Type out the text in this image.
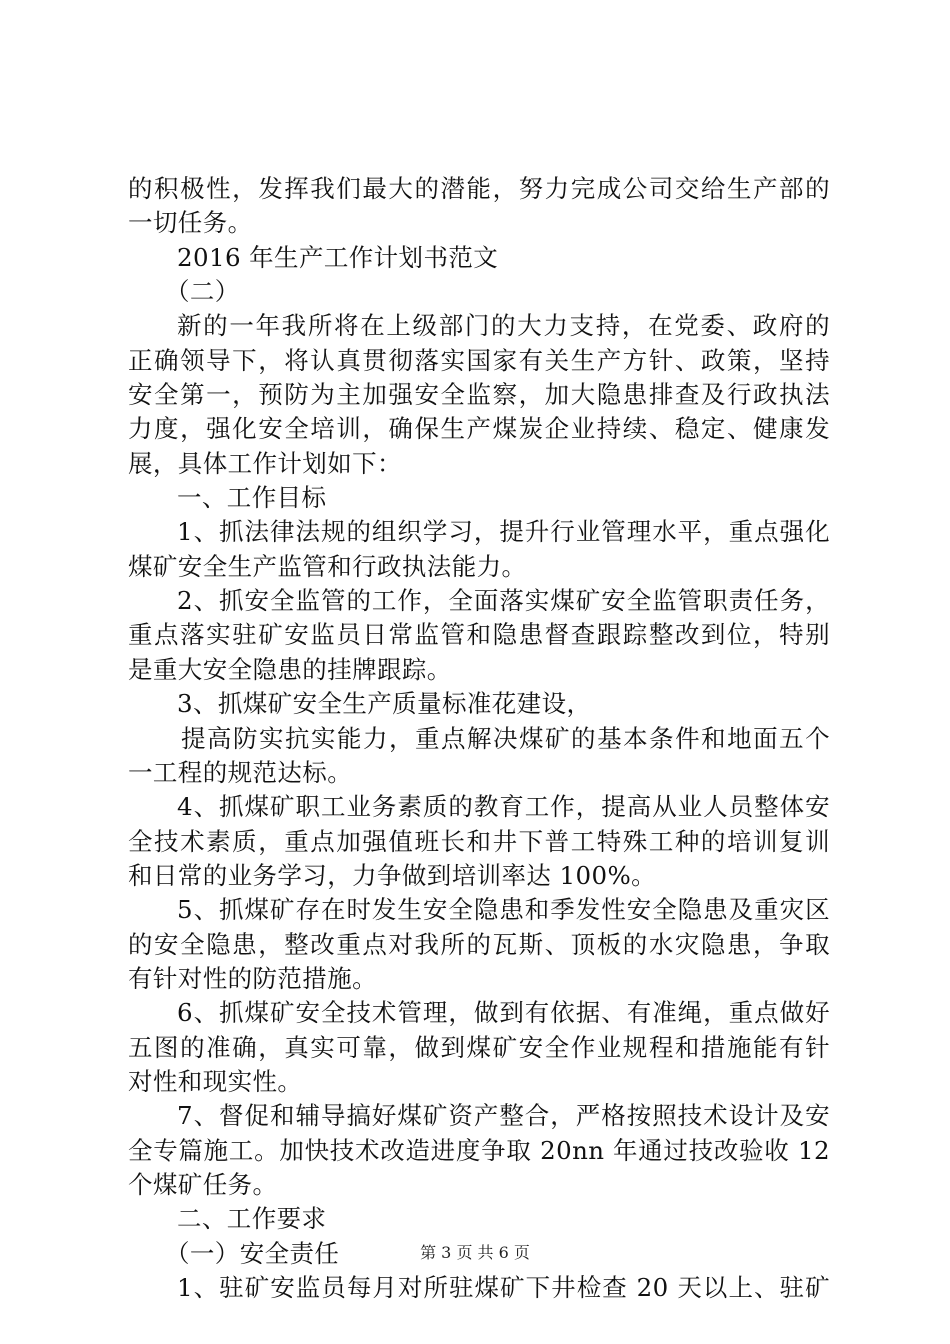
的积极性，发挥我们最大的潜能，努力完成公司交给生产部的
一切任务。
2016 年生产工作计划书范文
（二）
新的一年我所将在上级部门的大力支持，在党委、政府的
正确领导下，将认真贯彻落实国家有关生产方针、政策，坚持
安全第一，预防为主加强安全监察，加大隐患排查及行政执法
力度，强化安全培训，确保生产煤炭企业持续、稳定、健康发
展，具体工作计划如下：
一、工作目标
1、抓法律法规的组织学习，提升行业管理水平，重点强化
煤矿安全生产监管和行政执法能力。
2、抓安全监管的工作，全面落实煤矿安全监管职责任务，
重点落实驻矿安监员日常监管和隐患督查跟踪整改到位，特别
是重大安全隐患的挂牌跟踪。
3、抓煤矿安全生产质量标准花建设，
提高防实抗实能力，重点解决煤矿的基本条件和地面五个
一工程的规范达标。
4、抓煤矿职工业务素质的教育工作，提高从业人员整体安
全技术素质，重点加强值班长和井下普工特殊工种的培训复训
和日常的业务学习，力争做到培训率达 100%。
5、抓煤矿存在时发生安全隐患和季发性安全隐患及重灾区
的安全隐患，整改重点对我所的瓦斯、顶板的水灾隐患，争取
有针对性的防范措施。
6、抓煤矿安全技术管理，做到有依据、有准绳，重点做好
五图的准确，真实可靠，做到煤矿安全作业规程和措施能有针
对性和现实性。
7、督促和辅导搞好煤矿资产整合，严格按照技术设计及安
全专篇施工。加快技术改造进度争取 20nn 年通过技改验收 12
个煤矿任务。
二、工作要求
（一）安全责任
1、驻矿安监员每月对所驻煤矿下井检查 20 天以上、驻矿
第 3 页 共 6 页
